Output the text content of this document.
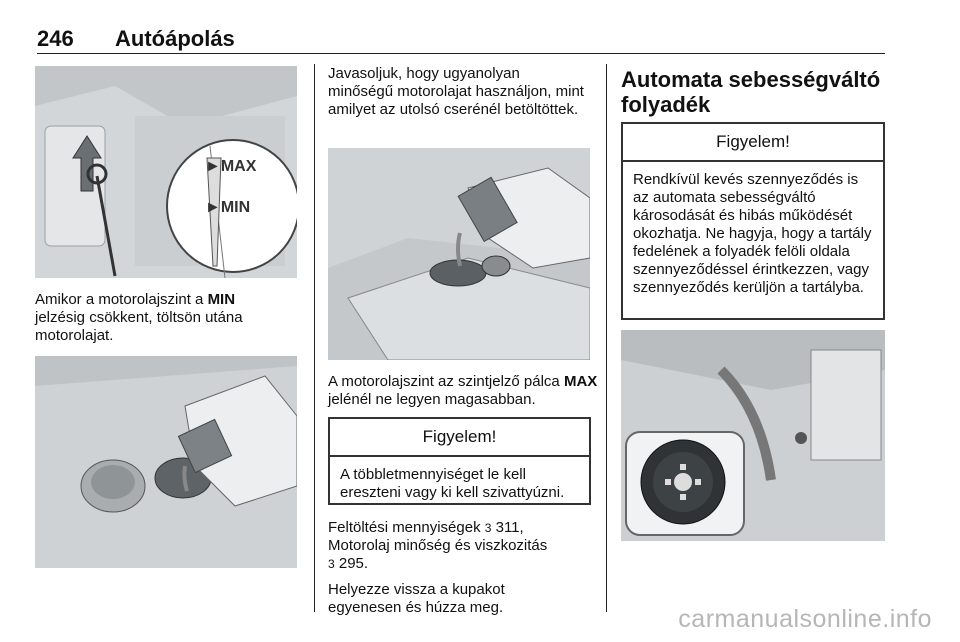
246 Autóápolás
►MAX
►MIN
Amikor a motorolajszint a MIN
jelzésig csökkent, töltsön utána motorolajat.
Javasoljuk, hogy ugyanolyan minőségű motorolajat használjon, mint amilyet az utolsó cserénél betöltöttek.
A motorolajszint az szintjelző pálca MAX jelénél ne legyen magasabban.
Figyelem!
A többletmennyiséget le kell ereszteni vagy ki kell szivattyúzni.
Feltöltési mennyiségek 3 311,
Motorolaj minőség és viszkozitás
3 295.
Helyezze vissza a kupakot egyenesen és húzza meg.
Automata sebességváltó folyadék
Figyelem!
Rendkívül kevés szennyeződés is az automata sebességváltó károsodását és hibás működését okozhatja. Ne hagyja, hogy a tartály fedelének a folyadék felöli oldala szennyeződéssel érintkezzen, vagy szennyeződés kerüljön a tartályba.
carmanualsonline.info
